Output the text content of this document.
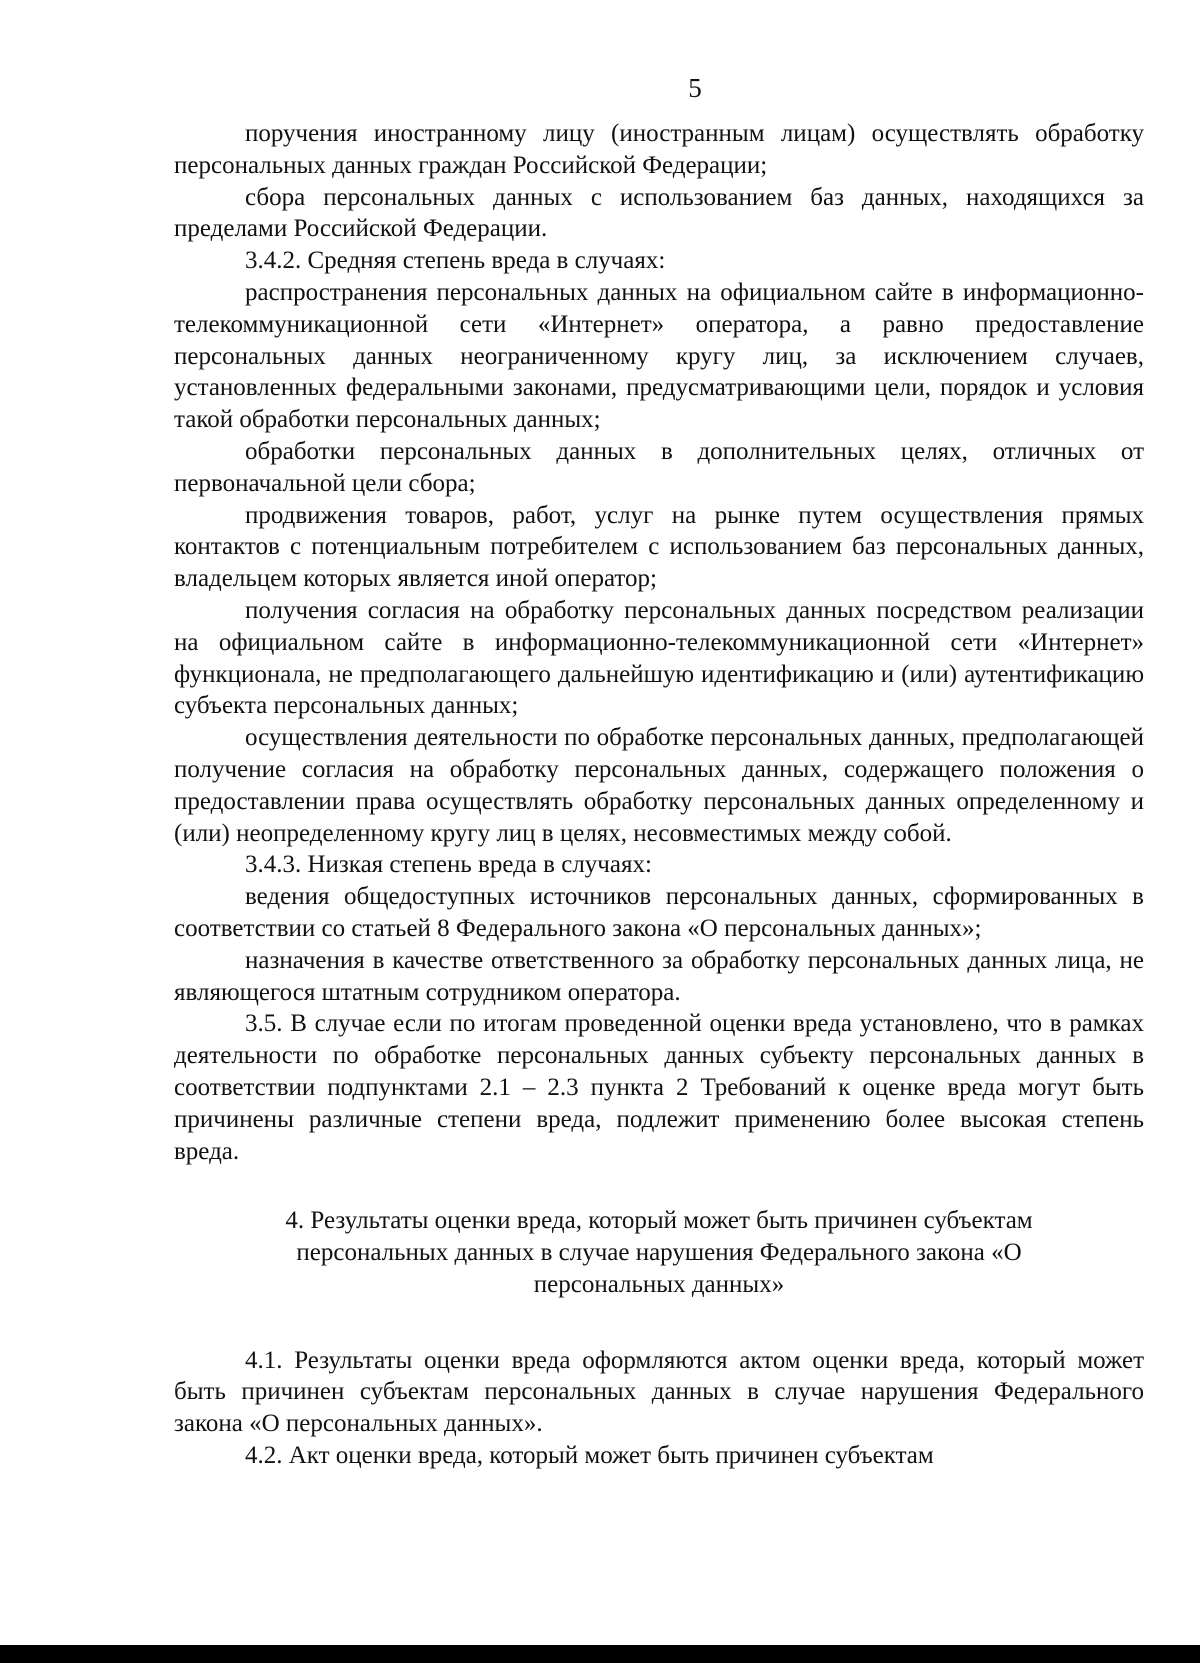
5

поручения иностранному лицу (иностранным лицам) осуществлять обработку персональных данных граждан Российской Федерации;

сбора персональных данных с использованием баз данных, находящихся за пределами Российской Федерации.

3.4.2. Средняя степень вреда в случаях:

распространения персональных данных на официальном сайте в информационно-телекоммуникационной сети «Интернет» оператора, а равно предоставление персональных данных неограниченному кругу лиц, за исключением случаев, установленных федеральными законами, предусматривающими цели, порядок и условия такой обработки персональных данных;

обработки персональных данных в дополнительных целях, отличных от первоначальной цели сбора;

продвижения товаров, работ, услуг на рынке путем осуществления прямых контактов с потенциальным потребителем с использованием баз персональных данных, владельцем которых является иной оператор;

получения согласия на обработку персональных данных посредством реализации на официальном сайте в информационно-телекоммуникационной сети «Интернет» функционала, не предполагающего дальнейшую идентификацию и (или) аутентификацию субъекта персональных данных;

осуществления деятельности по обработке персональных данных, предполагающей получение согласия на обработку персональных данных, содержащего положения о предоставлении права осуществлять обработку персональных данных определенному и (или) неопределенному кругу лиц в целях, несовместимых между собой.

3.4.3. Низкая степень вреда в случаях:

ведения общедоступных источников персональных данных, сформированных в соответствии со статьей 8 Федерального закона «О персональных данных»;

назначения в качестве ответственного за обработку персональных данных лица, не являющегося штатным сотрудником оператора.

3.5. В случае если по итогам проведенной оценки вреда установлено, что в рамках деятельности по обработке персональных данных субъекту персональных данных в соответствии подпунктами 2.1 – 2.3 пункта 2 Требований к оценке вреда могут быть причинены различные степени вреда, подлежит применению более высокая степень вреда.

4. Результаты оценки вреда, который может быть причинен субъектам персональных данных в случае нарушения Федерального закона «О персональных данных»

4.1. Результаты оценки вреда оформляются актом оценки вреда, который может быть причинен субъектам персональных данных в случае нарушения Федерального закона «О персональных данных».

4.2. Акт оценки вреда, который может быть причинен субъектам
